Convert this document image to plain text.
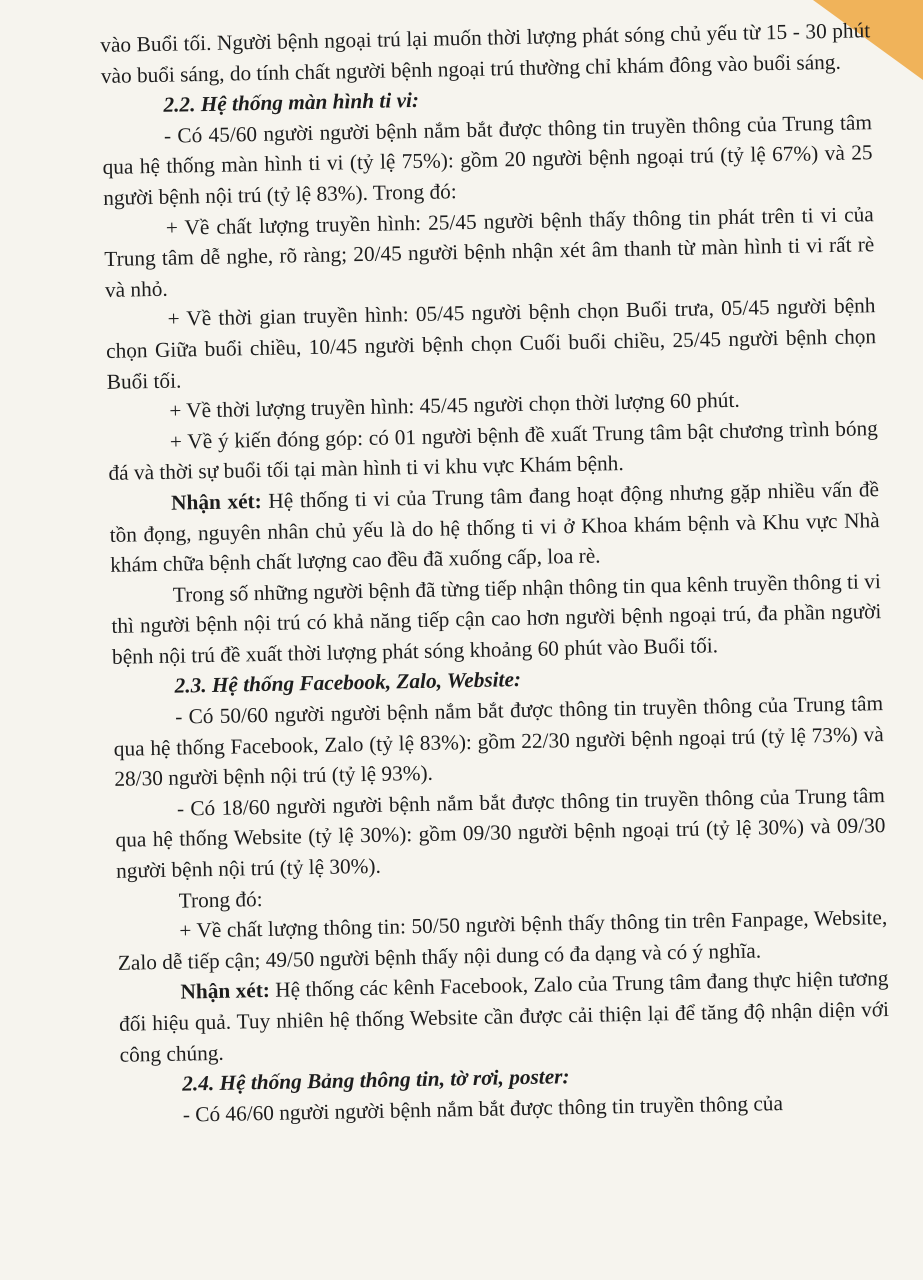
vào Buổi tối. Người bệnh ngoại trú lại muốn thời lượng phát sóng chủ yếu từ 15 - 30 phút vào buổi sáng, do tính chất người bệnh ngoại trú thường chỉ khám đông vào buổi sáng.

2.2. Hệ thống màn hình ti vi:

- Có 45/60 người người bệnh nắm bắt được thông tin truyền thông của Trung tâm qua hệ thống màn hình ti vi (tỷ lệ 75%): gồm 20 người bệnh ngoại trú (tỷ lệ 67%) và 25 người bệnh nội trú (tỷ lệ 83%). Trong đó:

+ Về chất lượng truyền hình: 25/45 người bệnh thấy thông tin phát trên ti vi của Trung tâm dễ nghe, rõ ràng; 20/45 người bệnh nhận xét âm thanh từ màn hình ti vi rất rè và nhỏ.

+ Về thời gian truyền hình: 05/45 người bệnh chọn Buổi trưa, 05/45 người bệnh chọn Giữa buổi chiều, 10/45 người bệnh chọn Cuối buổi chiều, 25/45 người bệnh chọn Buổi tối.

+ Về thời lượng truyền hình: 45/45 người chọn thời lượng 60 phút.

+ Về ý kiến đóng góp: có 01 người bệnh đề xuất Trung tâm bật chương trình bóng đá và thời sự buổi tối tại màn hình ti vi khu vực Khám bệnh.

Nhận xét: Hệ thống ti vi của Trung tâm đang hoạt động nhưng gặp nhiều vấn đề tồn đọng, nguyên nhân chủ yếu là do hệ thống ti vi ở Khoa khám bệnh và Khu vực Nhà khám chữa bệnh chất lượng cao đều đã xuống cấp, loa rè.

Trong số những người bệnh đã từng tiếp nhận thông tin qua kênh truyền thông ti vi thì người bệnh nội trú có khả năng tiếp cận cao hơn người bệnh ngoại trú, đa phần người bệnh nội trú đề xuất thời lượng phát sóng khoảng 60 phút vào Buổi tối.

2.3. Hệ thống Facebook, Zalo, Website:

- Có 50/60 người người bệnh nắm bắt được thông tin truyền thông của Trung tâm qua hệ thống Facebook, Zalo (tỷ lệ 83%): gồm 22/30 người bệnh ngoại trú (tỷ lệ 73%) và 28/30 người bệnh nội trú (tỷ lệ 93%).

- Có 18/60 người người bệnh nắm bắt được thông tin truyền thông của Trung tâm qua hệ thống Website (tỷ lệ 30%): gồm 09/30 người bệnh ngoại trú (tỷ lệ 30%) và 09/30 người bệnh nội trú (tỷ lệ 30%).

Trong đó:

+ Về chất lượng thông tin: 50/50 người bệnh thấy thông tin trên Fanpage, Website, Zalo dễ tiếp cận; 49/50 người bệnh thấy nội dung có đa dạng và có ý nghĩa.

Nhận xét: Hệ thống các kênh Facebook, Zalo của Trung tâm đang thực hiện tương đối hiệu quả. Tuy nhiên hệ thống Website cần được cải thiện lại để tăng độ nhận diện với công chúng.

2.4. Hệ thống Bảng thông tin, tờ rơi, poster:

- Có 46/60 người người bệnh nắm bắt được thông tin truyền thông của
